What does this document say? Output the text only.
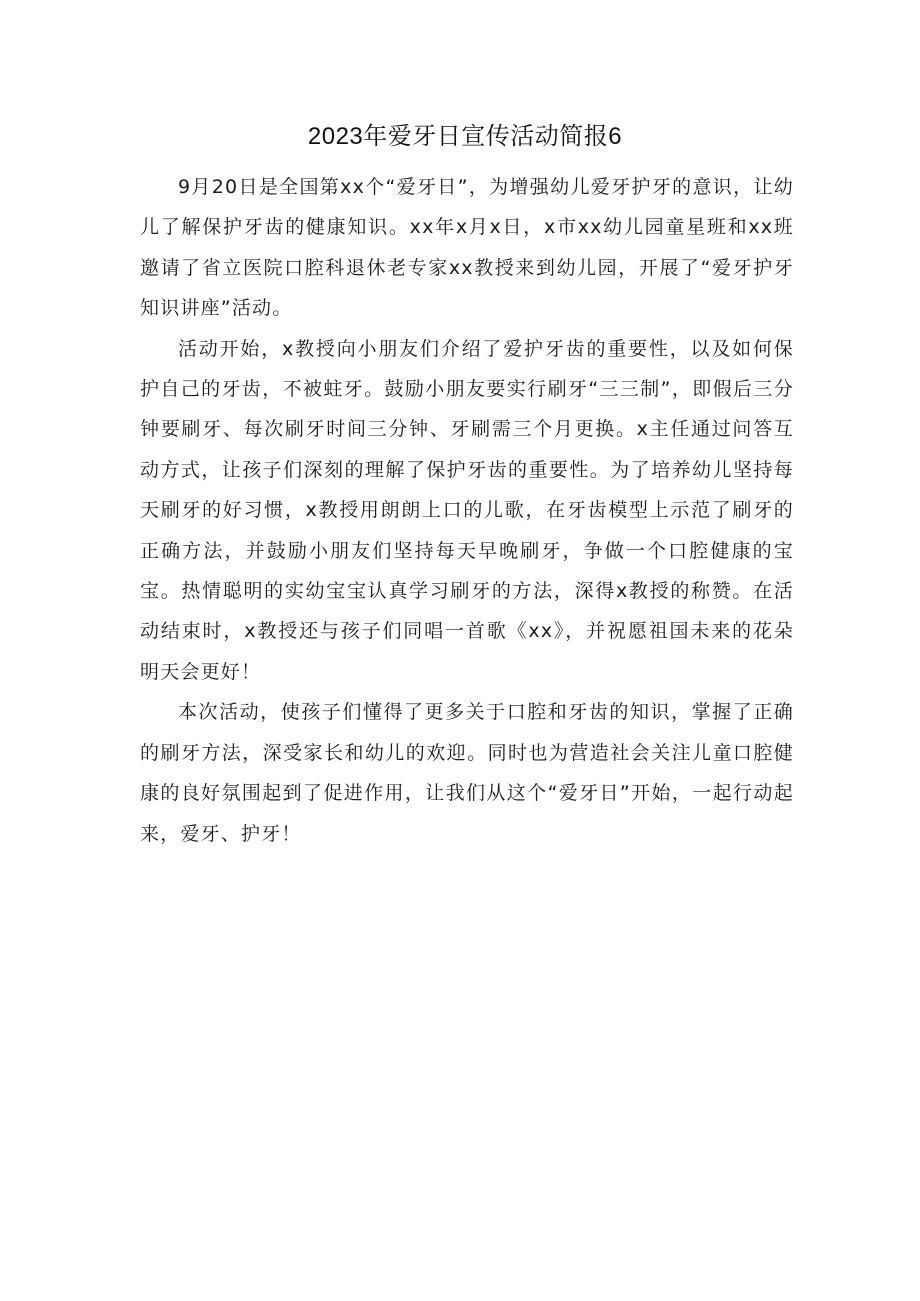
2023年爱牙日宣传活动简报6

9月20日是全国第xx个“爱牙日”，为增强幼儿爱牙护牙的意识，让幼儿了解保护牙齿的健康知识。xx年x月x日，x市xx幼儿园童星班和xx班邀请了省立医院口腔科退休老专家xx教授来到幼儿园，开展了“爱牙护牙知识讲座”活动。

活动开始，x教授向小朋友们介绍了爱护牙齿的重要性，以及如何保护自己的牙齿，不被蛀牙。鼓励小朋友要实行刷牙“三三制”，即假后三分钟要刷牙、每次刷牙时间三分钟、牙刷需三个月更换。x主任通过问答互动方式，让孩子们深刻的理解了保护牙齿的重要性。为了培养幼儿坚持每天刷牙的好习惯，x教授用朗朗上口的儿歌，在牙齿模型上示范了刷牙的正确方法，并鼓励小朋友们坚持每天早晚刷牙，争做一个口腔健康的宝宝。热情聪明的实幼宝宝认真学习刷牙的方法，深得x教授的称赞。在活动结束时，x教授还与孩子们同唱一首歌《xx》，并祝愿祖国未来的花朵明天会更好！

本次活动，使孩子们懂得了更多关于口腔和牙齿的知识，掌握了正确的刷牙方法，深受家长和幼儿的欢迎。同时也为营造社会关注儿童口腔健康的良好氛围起到了促进作用，让我们从这个“爱牙日”开始，一起行动起来，爱牙、护牙！
